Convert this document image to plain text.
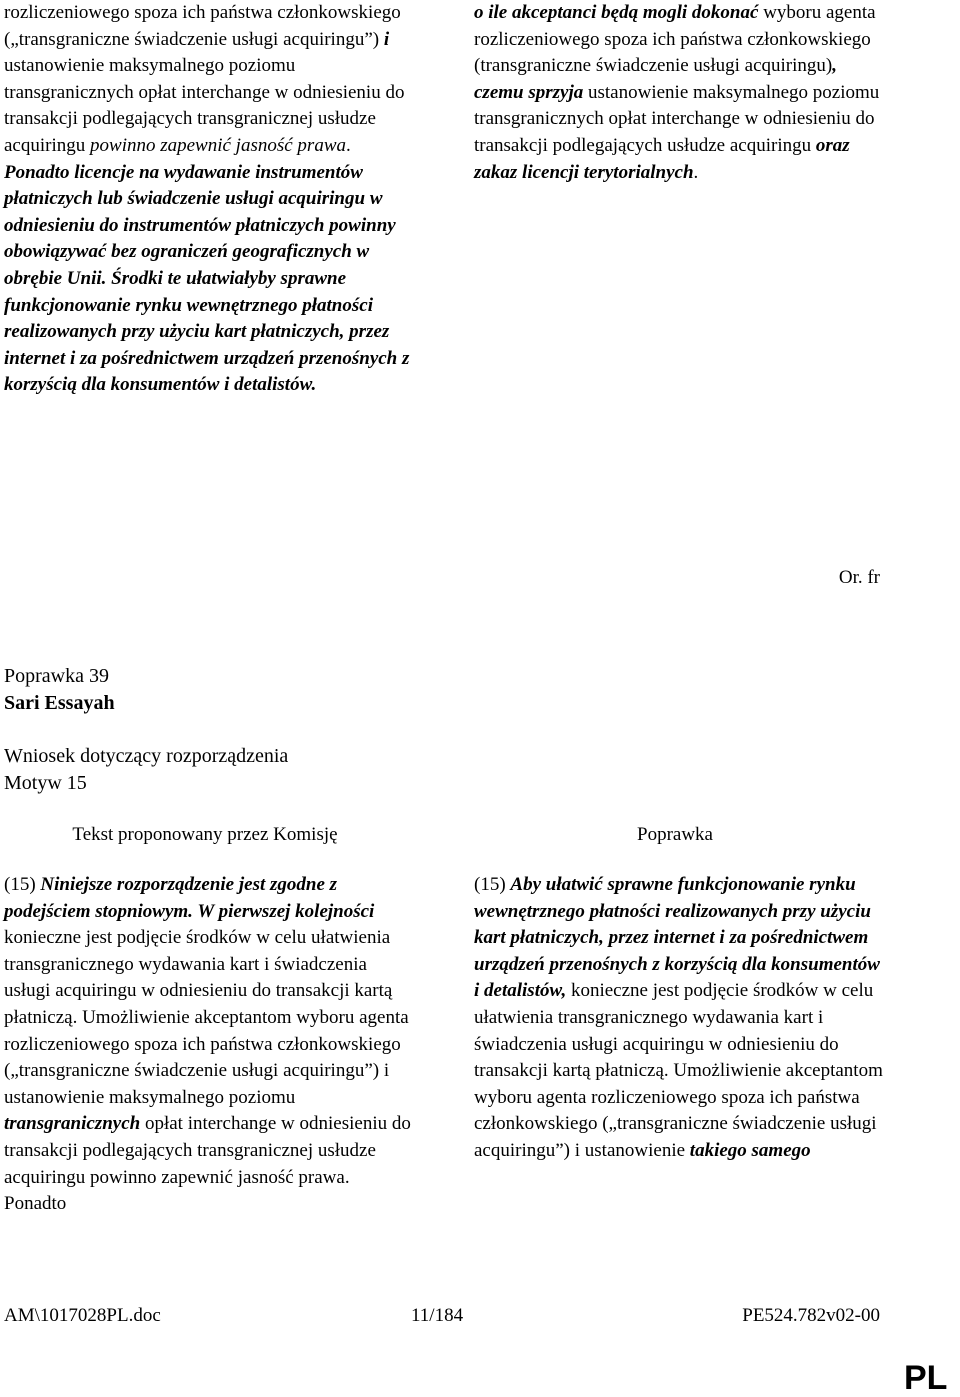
rozliczeniowego spoza ich państwa członkowskiego („transgraniczne świadczenie usługi acquiringu”) i ustanowienie maksymalnego poziomu transgranicznych opłat interchange w odniesieniu do transakcji podlegających transgranicznej usłudze acquiringu powinno zapewnić jasność prawa. Ponadto licencje na wydawanie instrumentów płatniczych lub świadczenie usługi acquiringu w odniesieniu do instrumentów płatniczych powinny obowiązywać bez ograniczeń geograficznych w obrębie Unii. Środki te ułatwiałyby sprawne funkcjonowanie rynku wewnętrznego płatności realizowanych przy użyciu kart płatniczych, przez internet i za pośrednictwem urządzeń przenośnych z korzyścią dla konsumentów i detalistów.
o ile akceptanci będą mogli dokonać wyboru agenta rozliczeniowego spoza ich państwa członkowskiego (transgraniczne świadczenie usługi acquiringu), czemu sprzyja ustanowienie maksymalnego poziomu transgranicznych opłat interchange w odniesieniu do transakcji podlegających usłudze acquiringu oraz zakaz licencji terytorialnych.
Or. fr
Poprawka 39
Sari Essayah
Wniosek dotyczący rozporządzenia
Motyw 15
Tekst proponowany przez Komisję	Poprawka
(15) Niniejsze rozporządzenie jest zgodne z podejściem stopniowym. W pierwszej kolejności konieczne jest podjęcie środków w celu ułatwienia transgranicznego wydawania kart i świadczenia usługi acquiringu w odniesieniu do transakcji kartą płatniczą. Umożliwienie akceptantom wyboru agenta rozliczeniowego spoza ich państwa członkowskiego („transgraniczne świadczenie usługi acquiringu”) i ustanowienie maksymalnego poziomu transgranicznych opłat interchange w odniesieniu do transakcji podlegających transgranicznej usłudze acquiringu powinno zapewnić jasność prawa. Ponadto
(15) Aby ułatwić sprawne funkcjonowanie rynku wewnętrznego płatności realizowanych przy użyciu kart płatniczych, przez internet i za pośrednictwem urządzeń przenośnych z korzyścią dla konsumentów i detalistów, konieczne jest podjęcie środków w celu ułatwienia transgranicznego wydawania kart i świadczenia usługi acquiringu w odniesieniu do transakcji kartą płatniczą. Umożliwienie akceptantom wyboru agenta rozliczeniowego spoza ich państwa członkowskiego („transgraniczne świadczenie usługi acquiringu”) i ustanowienie takiego samego
AM\1017028PL.doc	11/184	PE524.782v02-00
PL
